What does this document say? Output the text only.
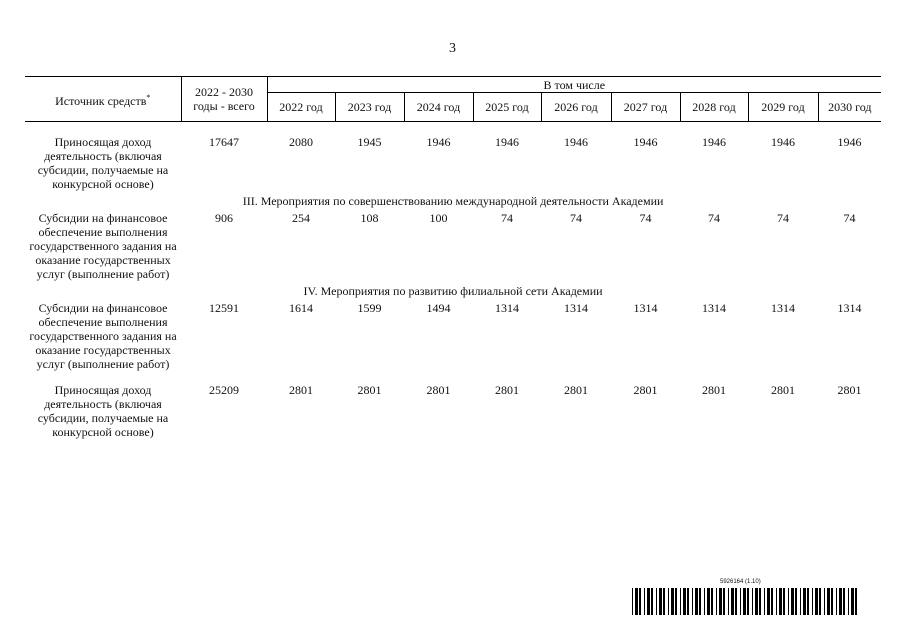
3
Источник средств*	2022 - 2030 годы - всего	В том числе								
		2022 год	2023 год	2024 год	2025 год	2026 год	2027 год	2028 год	2029 год	2030 год

Приносящая доход деятельность (включая субсидии, получаемые на конкурсной основе)	17647	2080	1945	1946	1946	1946	1946	1946	1946	1946
III. Мероприятия по совершенствованию международной деятельности Академии										
Субсидии на финансовое обеспечение выполнения государственного задания на оказание государственных услуг (выполнение работ)	906	254	108	100	74	74	74	74	74	74
IV. Мероприятия по развитию филиальной сети Академии										
Субсидии на финансовое обеспечение выполнения государственного задания на оказание государственных услуг (выполнение работ)	12591	1614	1599	1494	1314	1314	1314	1314	1314	1314

Приносящая доход деятельность (включая субсидии, получаемые на конкурсной основе)	25209	2801	2801	2801	2801	2801	2801	2801	2801	2801
5926164 (1.10)
